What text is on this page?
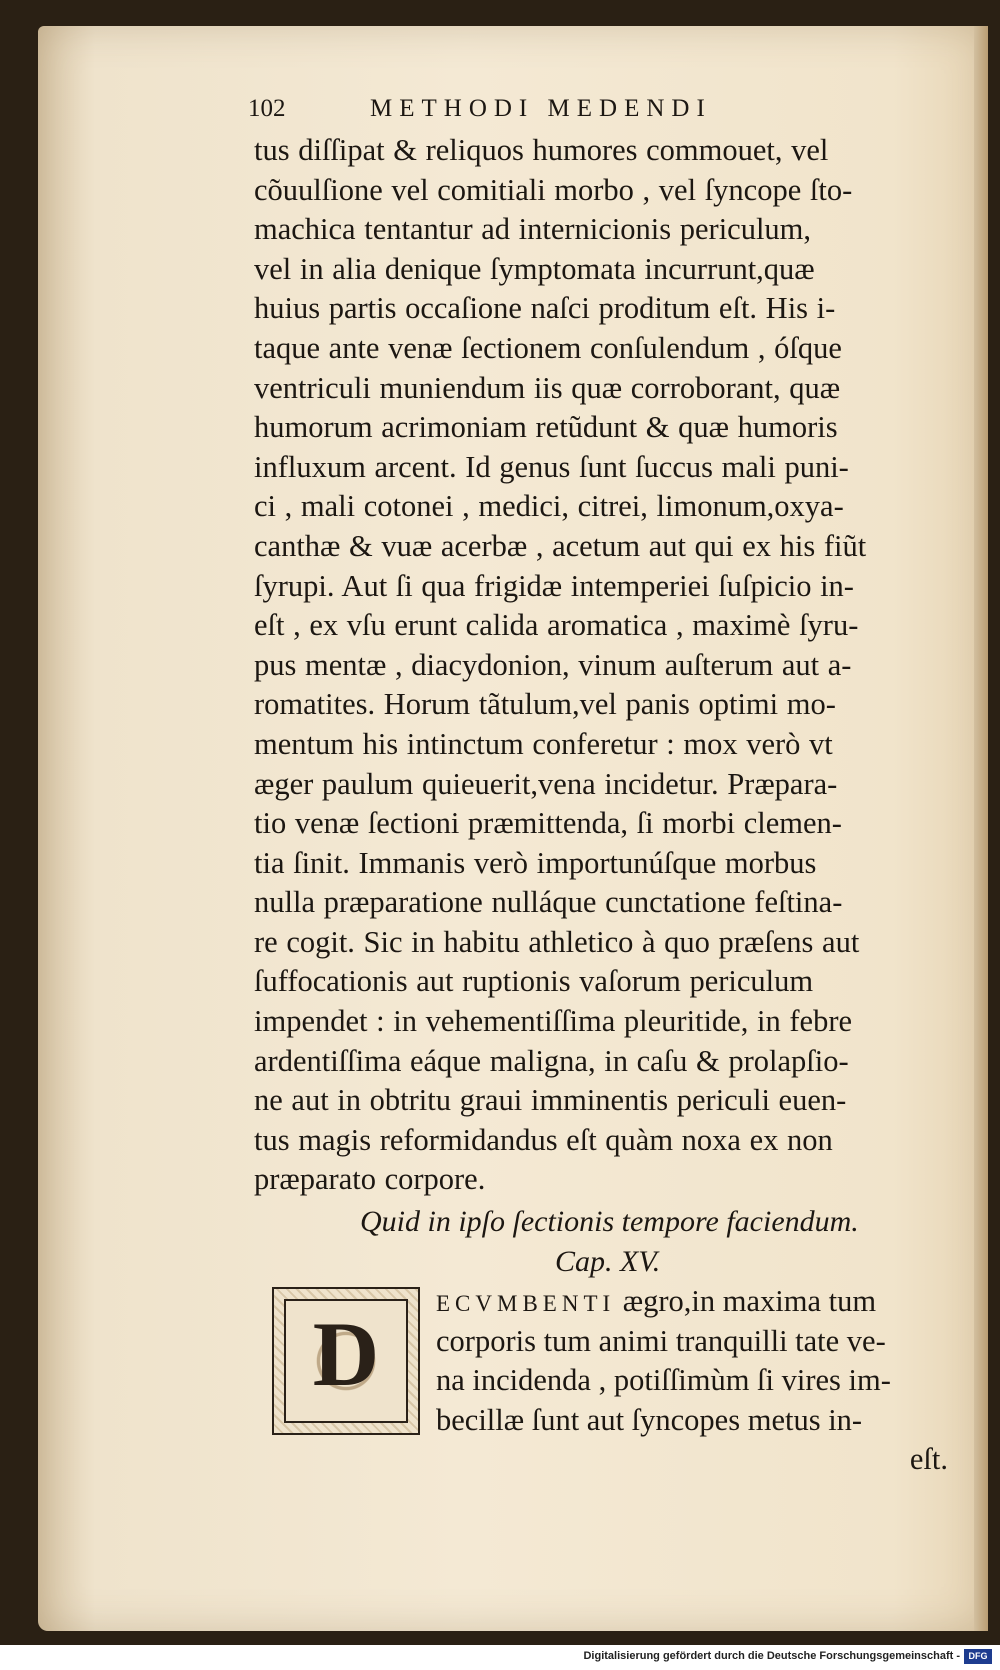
102	METHODI MEDENDI
tus diſſipat & reliquos humores commouet, vel
cõuulſione vel comitiali morbo , vel ſyncope ſto-
machica tentantur ad internicionis periculum,
vel in alia denique ſymptomata incurrunt,quæ
huius partis occaſione naſci proditum eſt. His i-
taque ante venæ ſectionem conſulendum , óſque
ventriculi muniendum iis quæ corroborant, quæ
humorum acrimoniam retũdunt & quæ humoris
influxum arcent. Id genus ſunt ſuccus mali puni-
ci , mali cotonei , medici, citrei, limonum,oxya-
canthæ & vuæ acerbæ , acetum aut qui ex his fiũt
ſyrupi. Aut ſi qua frigidæ intemperiei ſuſpicio in-
eſt , ex vſu erunt calida aromatica , maximè ſyru-
pus mentæ , diacydonion, vinum auſterum aut a-
romatites. Horum tãtulum,vel panis optimi mo-
mentum his intinctum conferetur : mox verò vt
æger paulum quieuerit,vena incidetur. Præpara-
tio venæ ſectioni præmittenda, ſi morbi clemen-
tia ſinit. Immanis verò importunúſque morbus
nulla præparatione nulláque cunctatione feſtina-
re cogit. Sic in habitu athletico à quo præſens aut
ſuffocationis aut ruptionis vaſorum periculum
impendet : in vehementiſſima pleuritide, in febre
ardentiſſima eáque maligna, in caſu & prolapſio-
ne aut in obtritu graui imminentis periculi euen-
tus magis reformidandus eſt quàm noxa ex non
præparato corpore.
Quid in ipſo ſectionis tempore faciendum.
Cap. XV.
D	ECVMBENTI ægro,in maxima tum
corporis tum animi tranquilli tate ve-
na incidenda , potiſſimùm ſi vires im-
becillæ ſunt aut ſyncopes metus in-
eſt.
Digitalisierung gefördert durch die Deutsche Forschungsgemeinschaft - DFG
